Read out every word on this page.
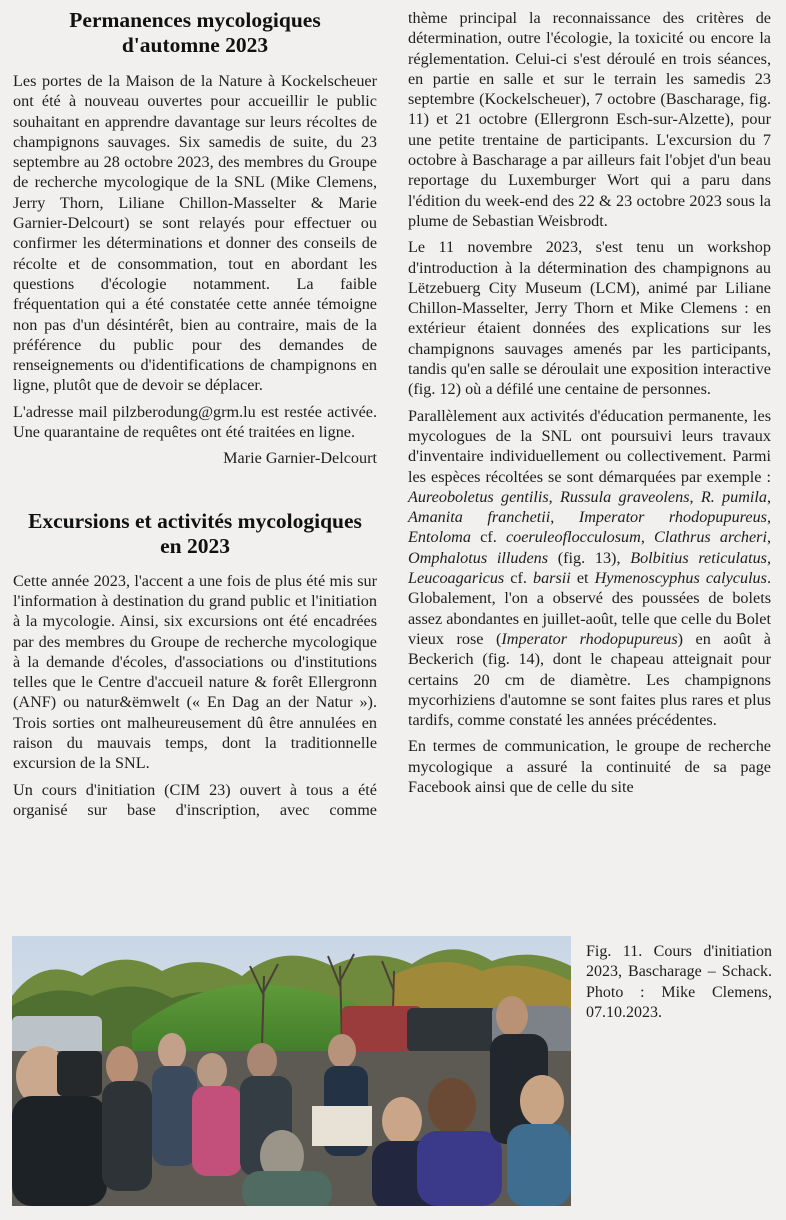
Permanences mycologiques
d'automne 2023

Les portes de la Maison de la Nature à Kockelscheuer ont été à nouveau ouvertes pour accueillir le public souhaitant en apprendre davantage sur leurs récoltes de champignons sauvages. Six samedis de suite, du 23 septembre au 28 octobre 2023, des membres du Groupe de recherche mycologique de la SNL (Mike Clemens, Jerry Thorn, Liliane Chillon-Masselter & Marie Garnier-Delcourt) se sont relayés pour effectuer ou confirmer les déterminations et donner des conseils de récolte et de consommation, tout en abordant les questions d'écologie notamment. La faible fréquentation qui a été constatée cette année témoigne non pas d'un désintérêt, bien au contraire, mais de la préférence du public pour des demandes de renseignements ou d'identifications de champignons en ligne, plutôt que de devoir se déplacer.

L'adresse mail pilzberodung@grm.lu est restée activée. Une quarantaine de requêtes ont été traitées en ligne.

Marie Garnier-Delcourt

Excursions et activités mycologiques
en 2023

Cette année 2023, l'accent a une fois de plus été mis sur l'information à destination du grand public et l'initiation à la mycologie. Ainsi, six excursions ont été encadrées par des membres du Groupe de recherche mycologique à la demande d'écoles, d'associations ou d'institutions telles que le Centre d'accueil nature & forêt Ellergronn (ANF) ou natur&ëmwelt (« En Dag an der Natur »). Trois sorties ont malheureusement dû être annulées en raison du mauvais temps, dont la traditionnelle excursion de la SNL.

Un cours d'initiation (CIM 23) ouvert à tous a été organisé sur base d'inscription, avec comme

thème principal la reconnaissance des critères de détermination, outre l'écologie, la toxicité ou encore la réglementation. Celui-ci s'est déroulé en trois séances, en partie en salle et sur le terrain les samedis 23 septembre (Kockelscheuer), 7 octobre (Bascharage, fig. 11) et 21 octobre (Ellergronn Esch-sur-Alzette), pour une petite trentaine de participants. L'excursion du 7 octobre à Bascharage a par ailleurs fait l'objet d'un beau reportage du Luxemburger Wort qui a paru dans l'édition du week-end des 22 & 23 octobre 2023 sous la plume de Sebastian Weisbrodt.

Le 11 novembre 2023, s'est tenu un workshop d'introduction à la détermination des champignons au Lëtzebuerg City Museum (LCM), animé par Liliane Chillon-Masselter, Jerry Thorn et Mike Clemens : en extérieur étaient données des explications sur les champignons sauvages amenés par les participants, tandis qu'en salle se déroulait une exposition interactive (fig. 12) où a défilé une centaine de personnes.

Parallèlement aux activités d'éducation permanente, les mycologues de la SNL ont poursuivi leurs travaux d'inventaire individuellement ou collectivement. Parmi les espèces récoltées se sont démarquées par exemple : Aureoboletus gentilis, Russula graveolens, R. pumila, Amanita franchetii, Imperator rhodopupureus, Entoloma cf. coeruleoflocculosum, Clathrus archeri, Omphalotus illudens (fig. 13), Bolbitius reticulatus, Leucoagaricus cf. barsii et Hymenoscyphus calyculus. Globalement, l'on a observé des poussées de bolets assez abondantes en juillet-août, telle que celle du Bolet vieux rose (Imperator rhodopupureus) en août à Beckerich (fig. 14), dont le chapeau atteignait pour certains 20 cm de diamètre. Les champignons mycorhiziens d'automne se sont faites plus rares et plus tardifs, comme constaté les années précédentes.

En termes de communication, le groupe de recherche mycologique a assuré la continuité de sa page Facebook ainsi que de celle du site

Fig. 11. Cours d'initiation 2023, Bascharage – Schack. Photo : Mike Clemens, 07.10.2023.
